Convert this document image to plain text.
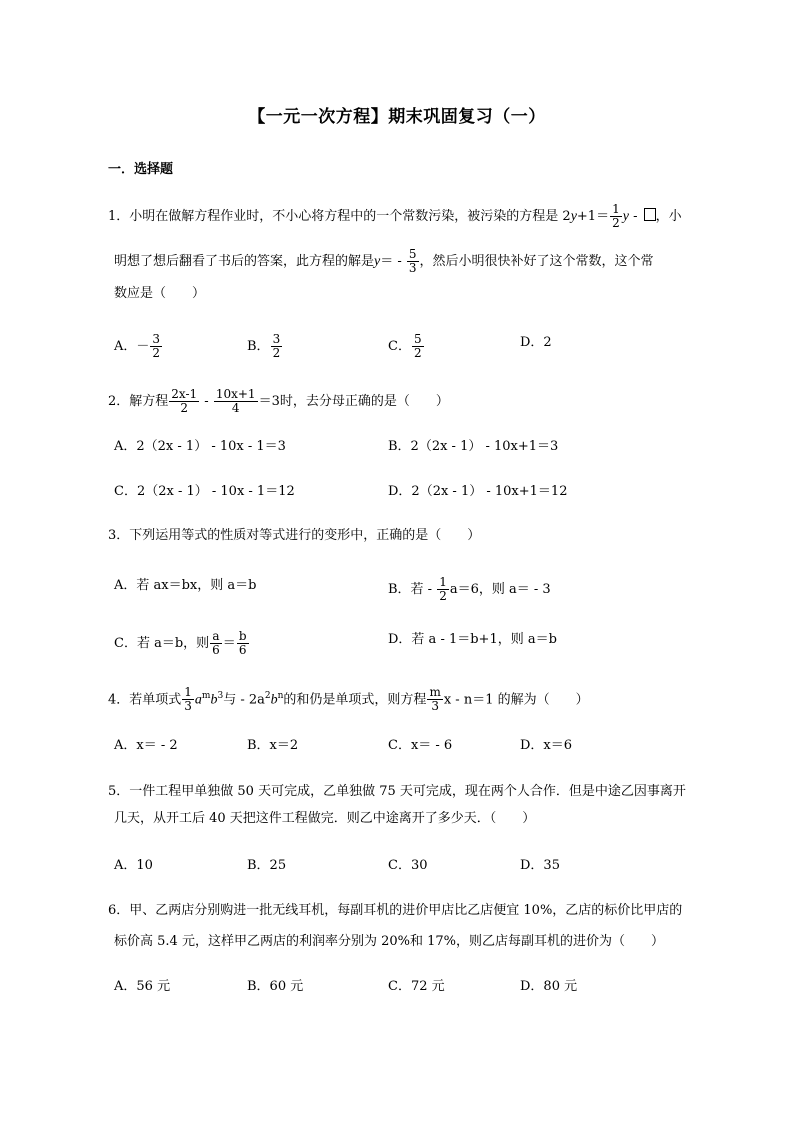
【一元一次方程】期末巩固复习（一）
一．选择题
1．小明在做解方程作业时，不小心将方程中的一个常数污染，被污染的方程是 $2y+1= \frac{1}{2}$ y - ，小
明想了想后翻看了书后的答案，此方程的解是$y= - \frac{5}{3}$ ，然后小明很快补好了这个常数，这个常
数应是（　　）
A．－ $\frac{3}{2}$	B． $\frac{3}{2}$	C． $\frac{5}{2}$	D．2
2．解方程 $\frac{2x-1}{2} - \frac{10x+1}{4} =3$时，去分母正确的是（　　）
A．2（2x - 1） - 10x - 1＝3	B．2（2x - 1） - 10x+1＝3
C．2（2x - 1） - 10x - 1＝12	D．2（2x - 1） - 10x+1＝12
3．下列运用等式的性质对等式进行的变形中，正确的是（　　）
A．若 ax＝bx，则 a＝b	B．若 - $\frac{1}{2} a=6$，则 a＝ - 3
C．若 a＝b，则 $\frac{a}{6} = \frac{b}{6}$	D．若 a - 1＝b+1，则 a＝b
4．若单项式 $\frac{1}{3} a^mb^3$与 - $2a^2b^n$的和仍是单项式，则方程 $\frac{m}{3}$ x - n＝1 的解为（　　）
A．x＝ - 2	B．x＝2	C．x＝ - 6	D．x＝6
5．一件工程甲单独做 50 天可完成，乙单独做 75 天可完成，现在两个人合作．但是中途乙因事离开
几天，从开工后 40 天把这件工程做完．则乙中途离开了多少天．（　　）
A．10	B．25	C．30	D．35
6．甲、乙两店分别购进一批无线耳机，每副耳机的进价甲店比乙店便宜 10%，乙店的标价比甲店的
标价高 5.4 元，这样甲乙两店的利润率分别为 20%和 17%，则乙店每副耳机的进价为（　　）
A．56 元	B．60 元	C．72 元	D．80 元
